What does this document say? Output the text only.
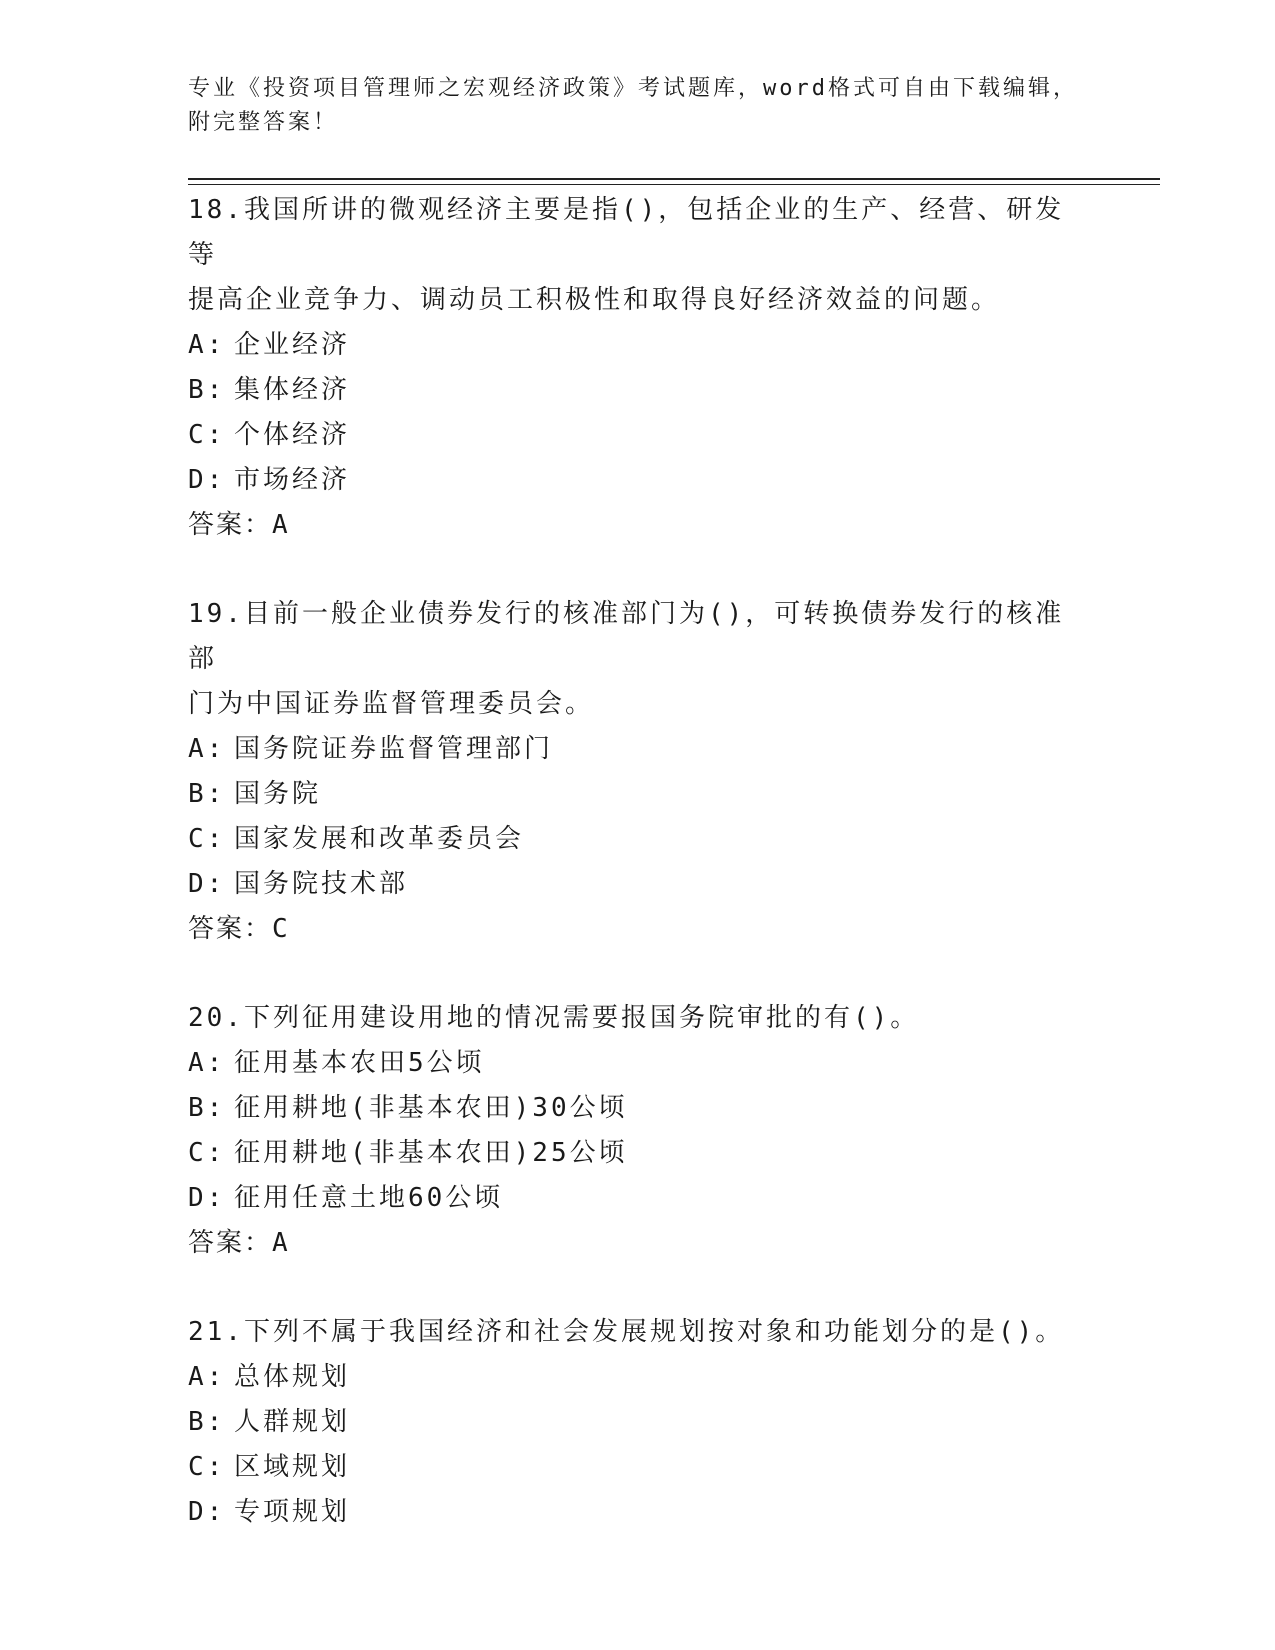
专业《投资项目管理师之宏观经济政策》考试题库，word格式可自由下载编辑，
附完整答案！

18.我国所讲的微观经济主要是指()，包括企业的生产、经营、研发等

提高企业竞争力、调动员工积极性和取得良好经济效益的问题。

A: 企业经济

B: 集体经济

C: 个体经济

D: 市场经济

答案：A

19.目前一般企业债券发行的核准部门为()，可转换债券发行的核准部

门为中国证券监督管理委员会。

A: 国务院证券监督管理部门

B: 国务院

C: 国家发展和改革委员会

D: 国务院技术部

答案：C

20.下列征用建设用地的情况需要报国务院审批的有()。

A: 征用基本农田5公顷

B: 征用耕地(非基本农田)30公顷

C: 征用耕地(非基本农田)25公顷

D: 征用任意土地60公顷

答案：A

21.下列不属于我国经济和社会发展规划按对象和功能划分的是()。

A: 总体规划

B: 人群规划

C: 区域规划

D: 专项规划
